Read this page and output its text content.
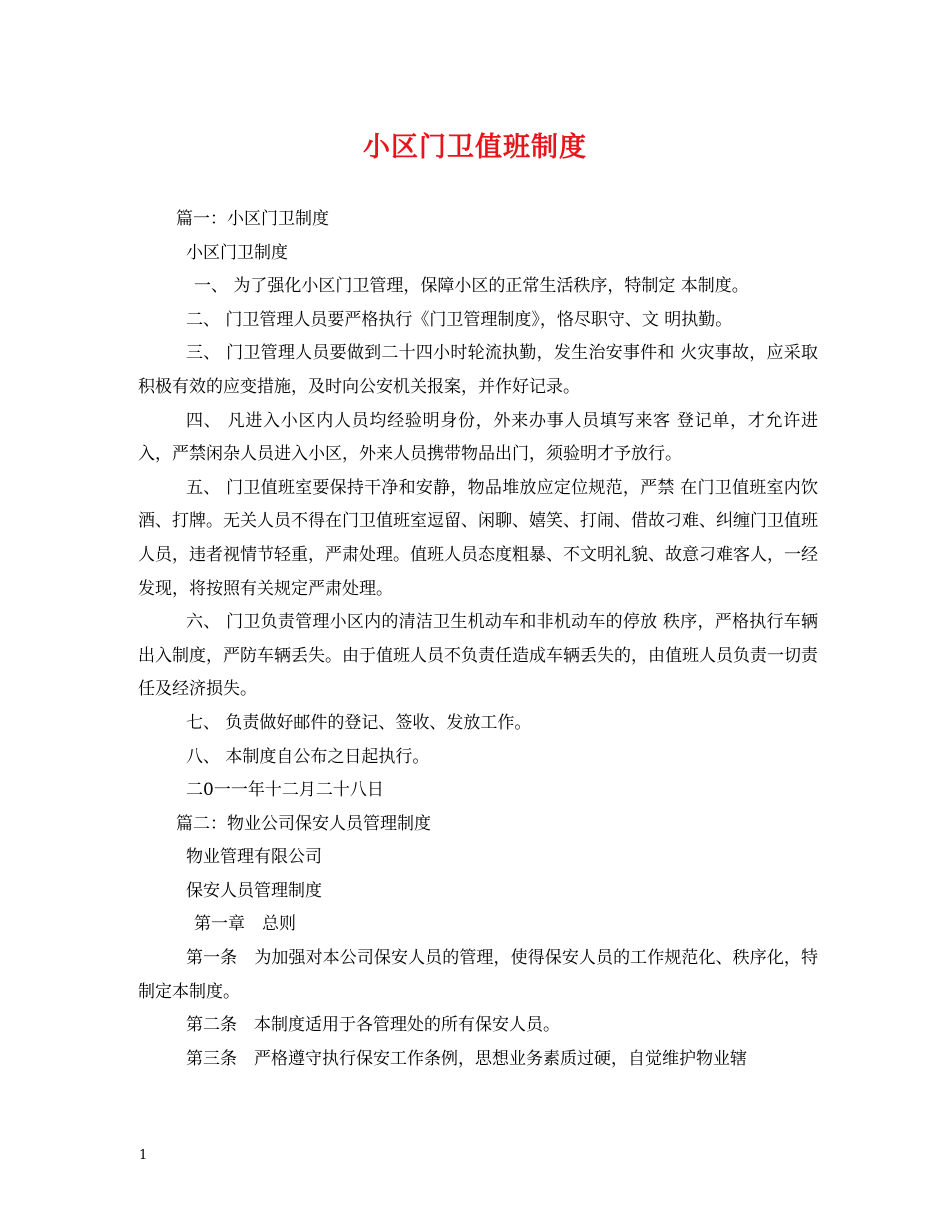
小区门卫值班制度

篇一：小区门卫制度

小区门卫制度

一、 为了强化小区门卫管理，保障小区的正常生活秩序，特制定 本制度。

二、 门卫管理人员要严格执行《门卫管理制度》，恪尽职守、文 明执勤。

三、 门卫管理人员要做到二十四小时轮流执勤，发生治安事件和 火灾事故，应采取积极有效的应变措施，及时向公安机关报案，并作好记录。

四、 凡进入小区内人员均经验明身份，外来办事人员填写来客 登记单，才允许进入，严禁闲杂人员进入小区，外来人员携带物品出门，须验明才予放行。

五、 门卫值班室要保持干净和安静，物品堆放应定位规范，严禁 在门卫值班室内饮酒、打牌。无关人员不得在门卫值班室逗留、闲聊、嬉笑、打闹、借故刁难、纠缠门卫值班人员，违者视情节轻重，严肃处理。值班人员态度粗暴、不文明礼貌、故意刁难客人，一经发现，将按照有关规定严肃处理。

六、 门卫负责管理小区内的清洁卫生机动车和非机动车的停放 秩序，严格执行车辆出入制度，严防车辆丢失。由于值班人员不负责任造成车辆丢失的，由值班人员负责一切责任及经济损失。

七、 负责做好邮件的登记、签收、发放工作。

八、 本制度自公布之日起执行。

二0一一年十二月二十八日

篇二：物业公司保安人员管理制度

物业管理有限公司

保安人员管理制度

第一章　总则

第一条　为加强对本公司保安人员的管理，使得保安人员的工作规范化、秩序化，特制定本制度。

第二条　本制度适用于各管理处的所有保安人员。

第三条　严格遵守执行保安工作条例，思想业务素质过硬，自觉维护物业辖

1
